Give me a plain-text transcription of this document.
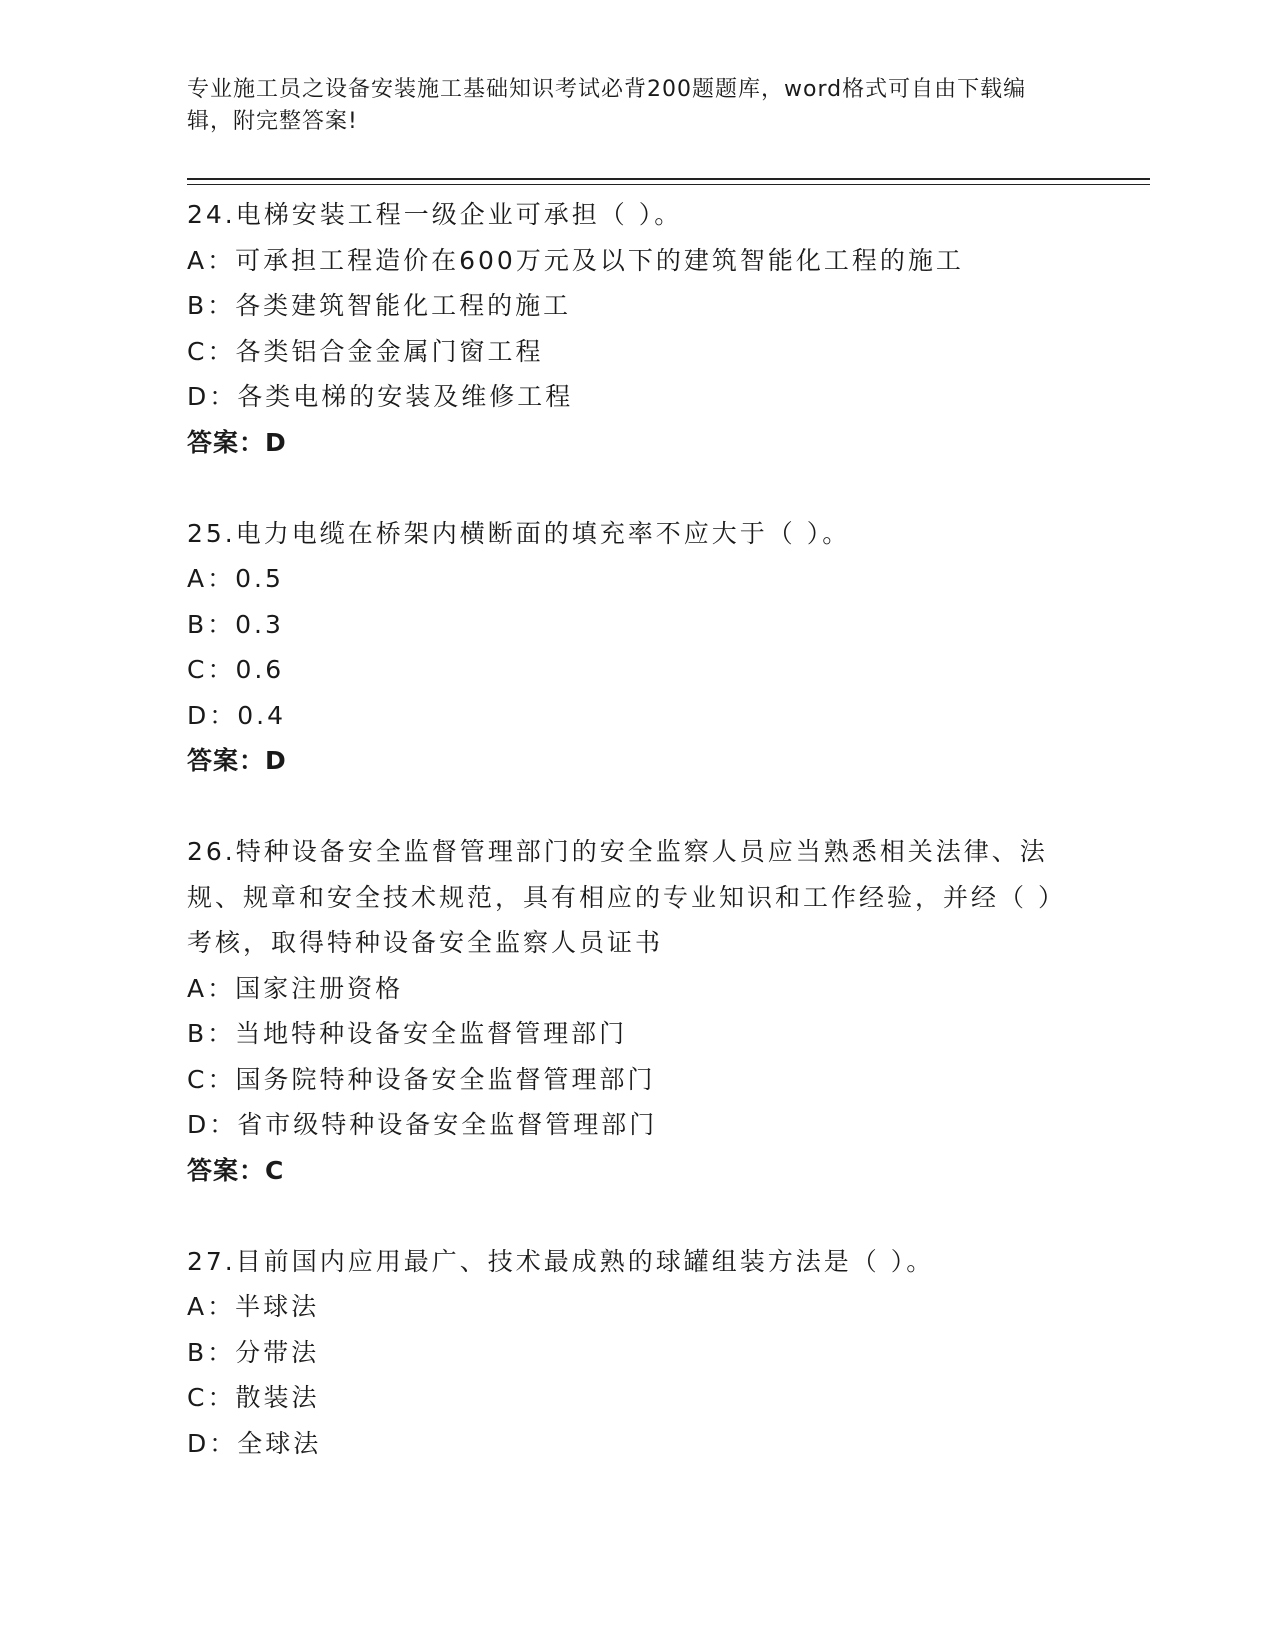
专业施工员之设备安装施工基础知识考试必背200题题库，word格式可自由下载编辑，附完整答案!
24.电梯安装工程一级企业可承担（ ）。
A：可承担工程造价在600万元及以下的建筑智能化工程的施工
B：各类建筑智能化工程的施工
C：各类铝合金金属门窗工程
D：各类电梯的安装及维修工程
答案：D
25.电力电缆在桥架内横断面的填充率不应大于（ ）。
A：0.5
B：0.3
C：0.6
D：0.4
答案：D
26.特种设备安全监督管理部门的安全监察人员应当熟悉相关法律、法规、规章和安全技术规范，具有相应的专业知识和工作经验，并经（ ）考核，取得特种设备安全监察人员证书
A：国家注册资格
B：当地特种设备安全监督管理部门
C：国务院特种设备安全监督管理部门
D：省市级特种设备安全监督管理部门
答案：C
27.目前国内应用最广、技术最成熟的球罐组装方法是（ ）。
A：半球法
B：分带法
C：散装法
D：全球法
